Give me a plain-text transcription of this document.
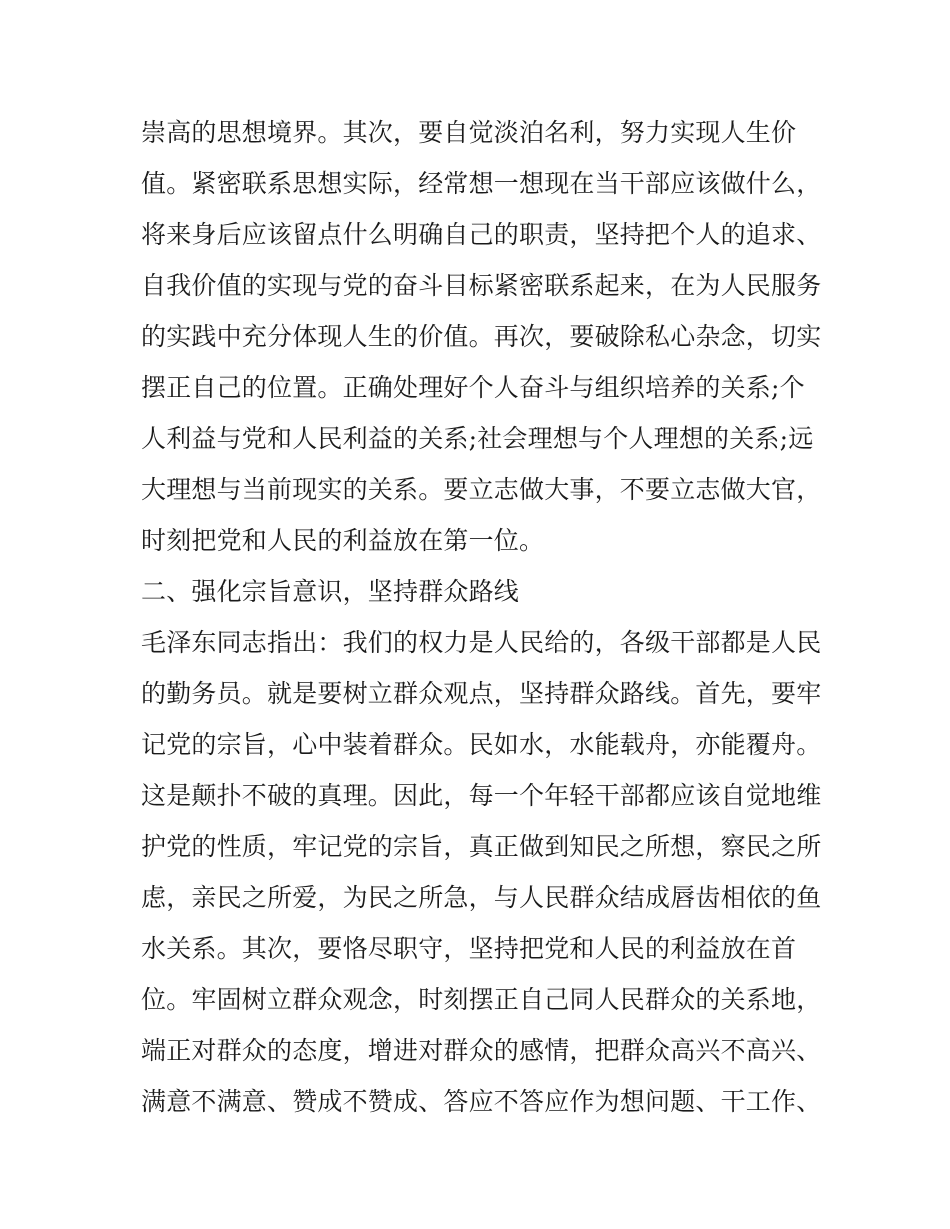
崇高的思想境界。其次，要自觉淡泊名利，努力实现人生价
值。紧密联系思想实际，经常想一想现在当干部应该做什么，
将来身后应该留点什么明确自己的职责，坚持把个人的追求、
自我价值的实现与党的奋斗目标紧密联系起来，在为人民服务
的实践中充分体现人生的价值。再次，要破除私心杂念，切实
摆正自己的位置。正确处理好个人奋斗与组织培养的关系;个
人利益与党和人民利益的关系;社会理想与个人理想的关系;远
大理想与当前现实的关系。要立志做大事，不要立志做大官，
时刻把党和人民的利益放在第一位。
二、强化宗旨意识，坚持群众路线
毛泽东同志指出：我们的权力是人民给的，各级干部都是人民
的勤务员。就是要树立群众观点，坚持群众路线。首先，要牢
记党的宗旨，心中装着群众。民如水，水能载舟，亦能覆舟。
这是颠扑不破的真理。因此，每一个年轻干部都应该自觉地维
护党的性质，牢记党的宗旨，真正做到知民之所想，察民之所
虑，亲民之所爱，为民之所急，与人民群众结成唇齿相依的鱼
水关系。其次，要恪尽职守，坚持把党和人民的利益放在首
位。牢固树立群众观念，时刻摆正自己同人民群众的关系地，
端正对群众的态度，增进对群众的感情，把群众高兴不高兴、
满意不满意、赞成不赞成、答应不答应作为想问题、干工作、
